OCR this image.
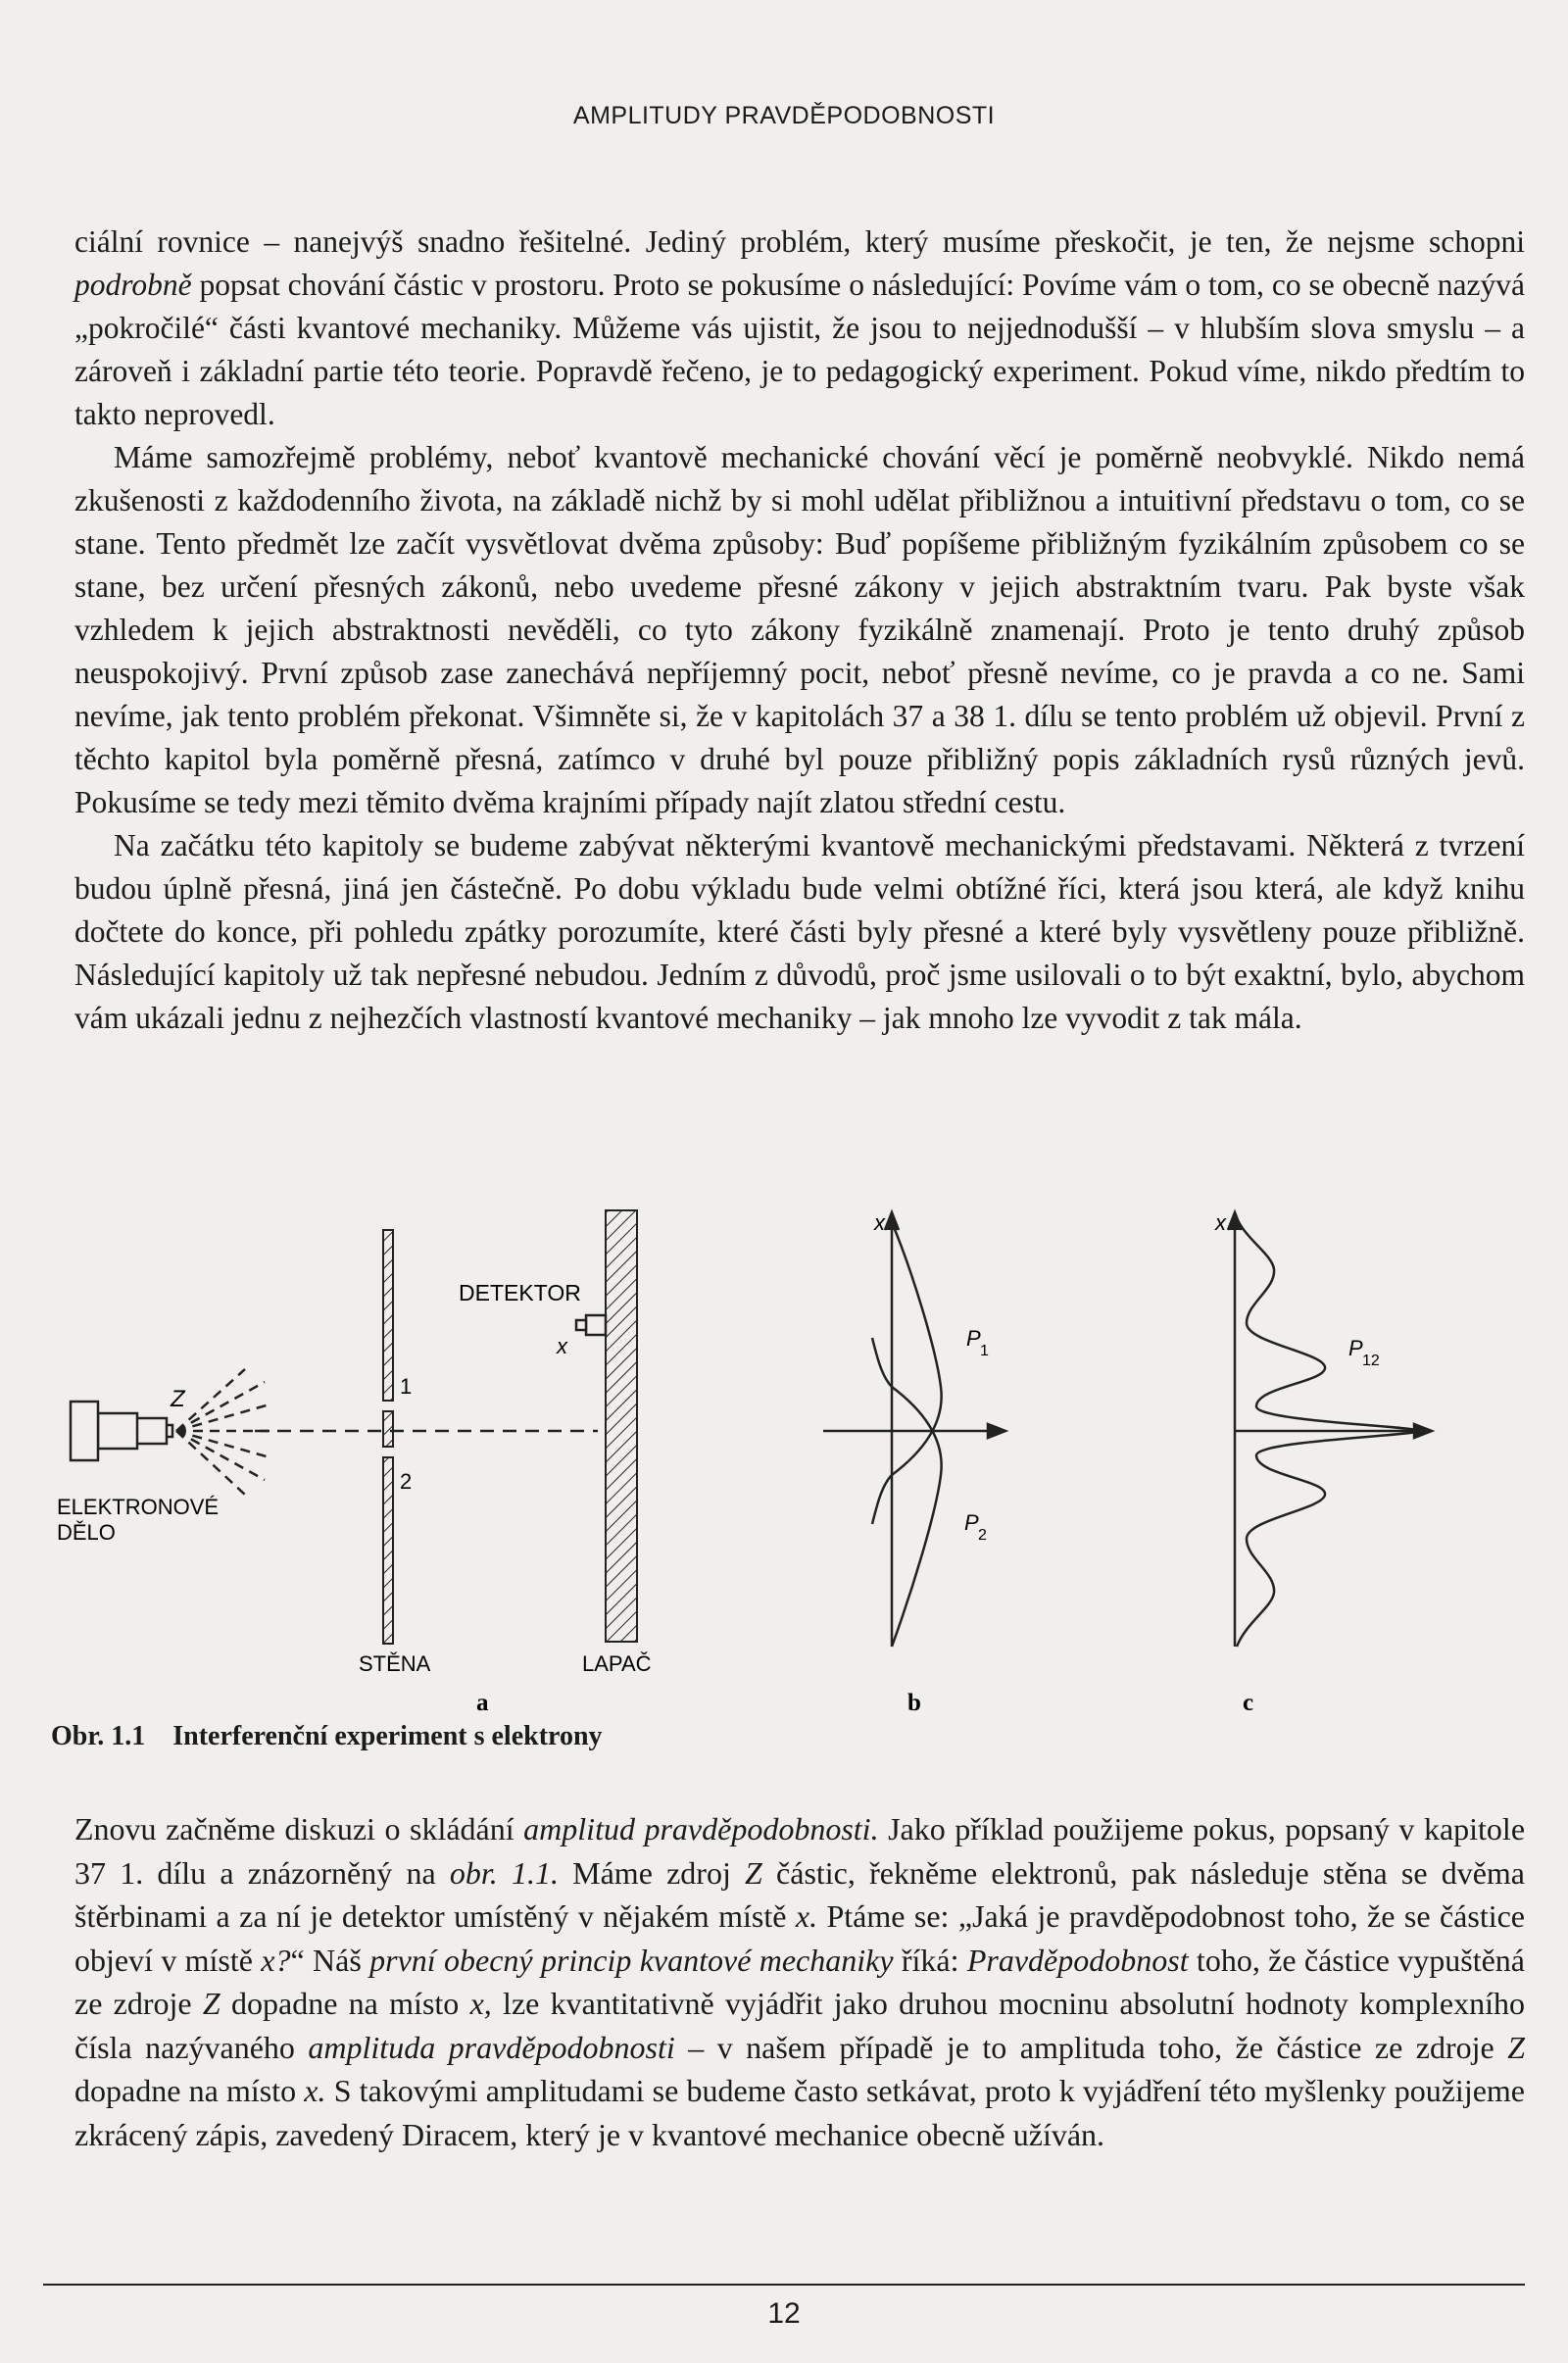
AMPLITUDY PRAVDĚPODOBNOSTI

ciální rovnice – nanejvýš snadno řešitelné. Jediný problém, který musíme přeskočit, je ten, že nejsme schopni podrobně popsat chování částic v prostoru. Proto se pokusíme o následující: Povíme vám o tom, co se obecně nazývá „pokročilé“ části kvantové mechaniky. Můžeme vás ujistit, že jsou to nejjednodušší – v hlubším slova smyslu – a zároveň i základní partie této teorie. Popravdě řečeno, je to pedagogický experiment. Pokud víme, nikdo předtím to takto neprovedl.

Máme samozřejmě problémy, neboť kvantově mechanické chování věcí je poměrně neobvyklé. Nikdo nemá zkušenosti z každodenního života, na základě nichž by si mohl udělat přibližnou a intuitivní představu o tom, co se stane. Tento předmět lze začít vysvětlovat dvěma způsoby: Buď popíšeme přibližným fyzikálním způsobem co se stane, bez určení přesných zákonů, nebo uvedeme přesné zákony v jejich abstraktním tvaru. Pak byste však vzhledem k jejich abstraktnosti nevěděli, co tyto zákony fyzikálně znamenají. Proto je tento druhý způsob neuspokojivý. První způsob zase zanechává nepříjemný pocit, neboť přesně nevíme, co je pravda a co ne. Sami nevíme, jak tento problém překonat. Všimněte si, že v kapitolách 37 a 38 1. dílu se tento problém už objevil. První z těchto kapitol byla poměrně přesná, zatímco v druhé byl pouze přibližný popis základních rysů různých jevů. Pokusíme se tedy mezi těmito dvěma krajními případy najít zlatou střední cestu.

Na začátku této kapitoly se budeme zabývat některými kvantově mechanickými představami. Některá z tvrzení budou úplně přesná, jiná jen částečně. Po dobu výkladu bude velmi obtížné říci, která jsou která, ale když knihu dočtete do konce, při pohledu zpátky porozumíte, které části byly přesné a které byly vysvětleny pouze přibližně. Následující kapitoly už tak nepřesné nebudou. Jedním z důvodů, proč jsme usilovali o to být exaktní, bylo, abychom vám ukázali jednu z nejhezčích vlastností kvantové mechaniky – jak mnoho lze vyvodit z tak mála.

Z
ELEKTRONOVÉ
DĚLO
1
2
STĚNA
DETEKTOR
x
LAPAČ
a
x
P
1
P
2
b
x
P
12
c
Obr. 1.1 Interferenční experiment s elektrony

Znovu začněme diskuzi o skládání amplitud pravděpodobnosti. Jako příklad použijeme pokus, popsaný v kapitole 37 1. dílu a znázorněný na obr. 1.1. Máme zdroj Z částic, řekněme elektronů, pak následuje stěna se dvěma štěrbinami a za ní je detektor umístěný v nějakém místě x. Ptáme se: „Jaká je pravděpodobnost toho, že se částice objeví v místě x?“ Náš první obecný princip kvantové mechaniky říká: Pravděpodobnost toho, že částice vypuštěná ze zdroje Z dopadne na místo x, lze kvantitativně vyjádřit jako druhou mocninu absolutní hodnoty komplexního čísla nazývaného amplituda pravděpodobnosti – v našem případě je to amplituda toho, že částice ze zdroje Z dopadne na místo x. S takovými amplitudami se budeme často setkávat, proto k vyjádření této myšlenky použijeme zkrácený zápis, zavedený Diracem, který je v kvantové mechanice obecně užíván.

12
